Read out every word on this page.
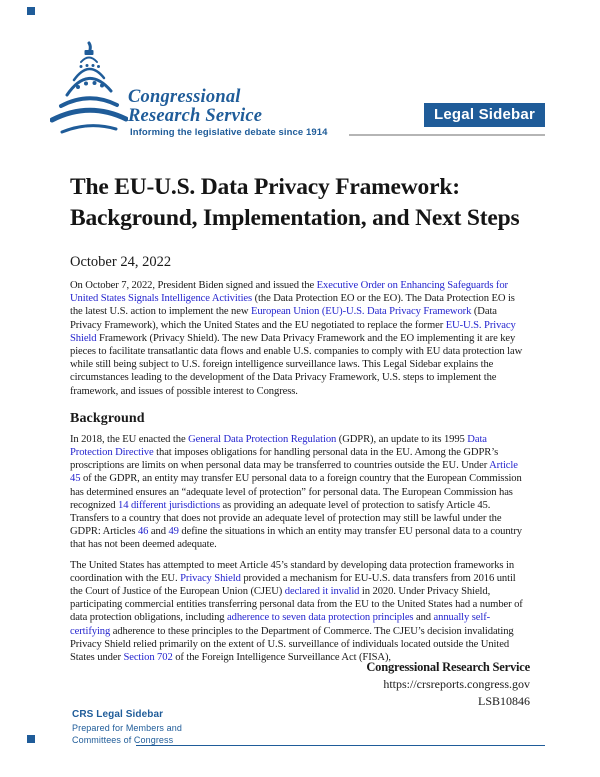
Congressional
Research Service
Informing the legislative debate since 1914
Legal Sidebar
The EU-U.S. Data Privacy Framework:
Background, Implementation, and Next Steps
October 24, 2022
On October 7, 2022, President Biden signed and issued the Executive Order on Enhancing Safeguards for United States Signals Intelligence Activities (the Data Protection EO or the EO). The Data Protection EO is the latest U.S. action to implement the new European Union (EU)-U.S. Data Privacy Framework (Data Privacy Framework), which the United States and the EU negotiated to replace the former EU-U.S. Privacy Shield Framework (Privacy Shield). The new Data Privacy Framework and the EO implementing it are key pieces to facilitate transatlantic data flows and enable U.S. companies to comply with EU data protection law while still being subject to U.S. foreign intelligence surveillance laws. This Legal Sidebar explains the circumstances leading to the development of the Data Privacy Framework, U.S. steps to implement the framework, and issues of possible interest to Congress.
Background
In 2018, the EU enacted the General Data Protection Regulation (GDPR), an update to its 1995 Data Protection Directive that imposes obligations for handling personal data in the EU. Among the GDPR’s proscriptions are limits on when personal data may be transferred to countries outside the EU. Under Article 45 of the GDPR, an entity may transfer EU personal data to a foreign country that the European Commission has determined ensures an “adequate level of protection” for personal data. The European Commission has recognized 14 different jurisdictions as providing an adequate level of protection to satisfy Article 45. Transfers to a country that does not provide an adequate level of protection may still be lawful under the GDPR: Articles 46 and 49 define the situations in which an entity may transfer EU personal data to a country that has not been deemed adequate.
The United States has attempted to meet Article 45’s standard by developing data protection frameworks in coordination with the EU. Privacy Shield provided a mechanism for EU-U.S. data transfers from 2016 until the Court of Justice of the European Union (CJEU) declared it invalid in 2020. Under Privacy Shield, participating commercial entities transferring personal data from the EU to the United States had a number of data protection obligations, including adherence to seven data protection principles and annually self-certifying adherence to these principles to the Department of Commerce. The CJEU’s decision invalidating Privacy Shield relied primarily on the extent of U.S. surveillance of individuals located outside the United States under Section 702 of the Foreign Intelligence Surveillance Act (FISA),
Congressional Research Service
https://crsreports.congress.gov
LSB10846
CRS Legal Sidebar
Prepared for Members and
Committees of Congress
